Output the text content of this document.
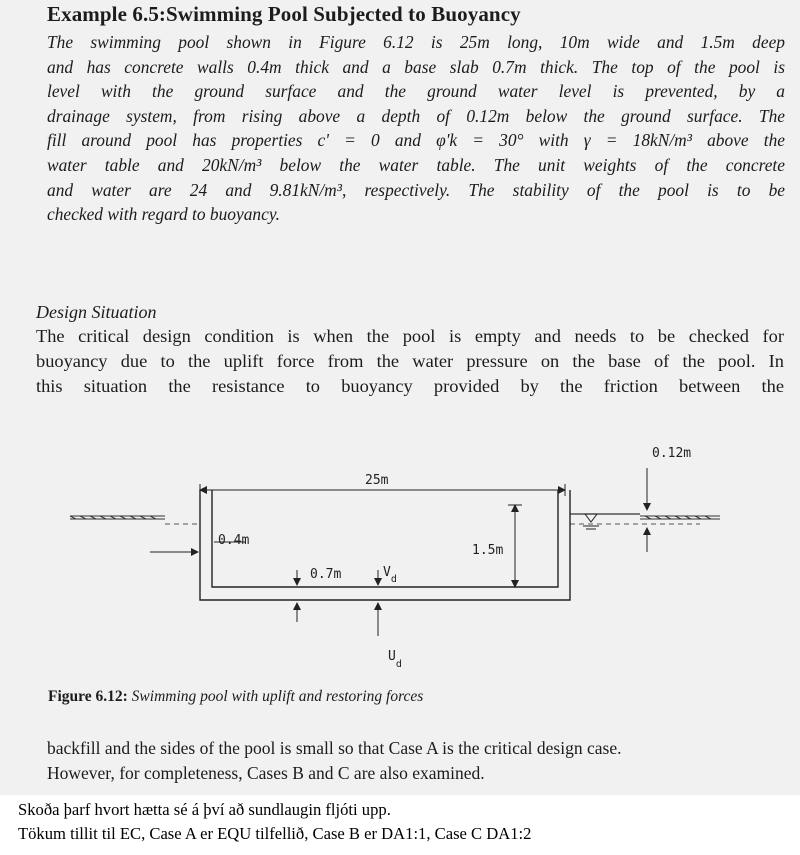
Example 6.5:Swimming Pool Subjected to Buoyancy
The swimming pool shown in Figure 6.12 is 25m long, 10m wide and 1.5m deep
and has concrete walls 0.4m thick and a base slab 0.7m thick. The top of the pool is
level with the ground surface and the ground water level is prevented, by a
drainage system, from rising above a depth of 0.12m below the ground surface. The
fill around pool has properties c' = 0 and φ'k = 30° with γ = 18kN/m³ above the
water table and 20kN/m³ below the water table. The unit weights of the concrete
and water are 24 and 9.81kN/m³, respectively. The stability of the pool is to be
checked with regard to buoyancy.
Design Situation
The critical design condition is when the pool is empty and needs to be checked for
buoyancy due to the uplift force from the water pressure on the base of the pool. In
this situation the resistance to buoyancy provided by the friction between the
25m
1.5m
0.4m
0.7m	$V_d$
$U_d$
0.12m
Figure 6.12: Swimming pool with uplift and restoring forces
backfill and the sides of the pool is small so that Case A is the critical design case.
However, for completeness, Cases B and C are also examined.
Skoða þarf hvort hætta sé á því að sundlaugin fljóti upp.
Tökum tillit til EC, Case A er EQU tilfellið, Case B er DA1:1, Case C DA1:2
